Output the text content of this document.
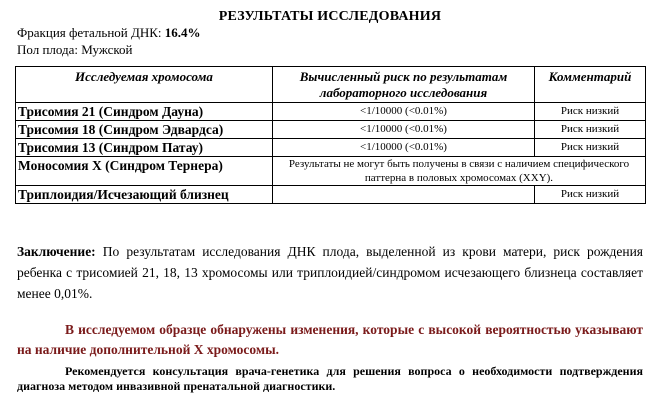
РЕЗУЛЬТАТЫ ИССЛЕДОВАНИЯ
Фракция фетальной ДНК: 16.4%
Пол плода: Мужской
Исследуемая хромосома	Вычисленный риск по результатам лабораторного исследования	Комментарий
Трисомия 21 (Синдром Дауна)	<1/10000 (<0.01%)	Риск низкий
Трисомия 18 (Синдром Эдвардса)	<1/10000 (<0.01%)	Риск низкий
Трисомия 13 (Синдром Патау)	<1/10000 (<0.01%)	Риск низкий
Моносомия Х (Синдром Тернера)	Результаты не могут быть получены в связи с наличием специфического паттерна в половых хромосомах (XXY).	
Триплоидия/Исчезающий близнец		Риск низкий
Заключение: По результатам исследования ДНК плода, выделенной из крови матери, риск рождения ребенка с трисомией 21, 18, 13 хромосомы или триплоидией/синдромом исчезающего близнеца составляет менее 0,01%.
В исследуемом образце обнаружены изменения, которые с высокой вероятностью указывают на наличие дополнительной Х хромосомы.
Рекомендуется консультация врача-генетика для решения вопроса о необходимости подтверждения диагноза методом инвазивной пренатальной диагностики.
